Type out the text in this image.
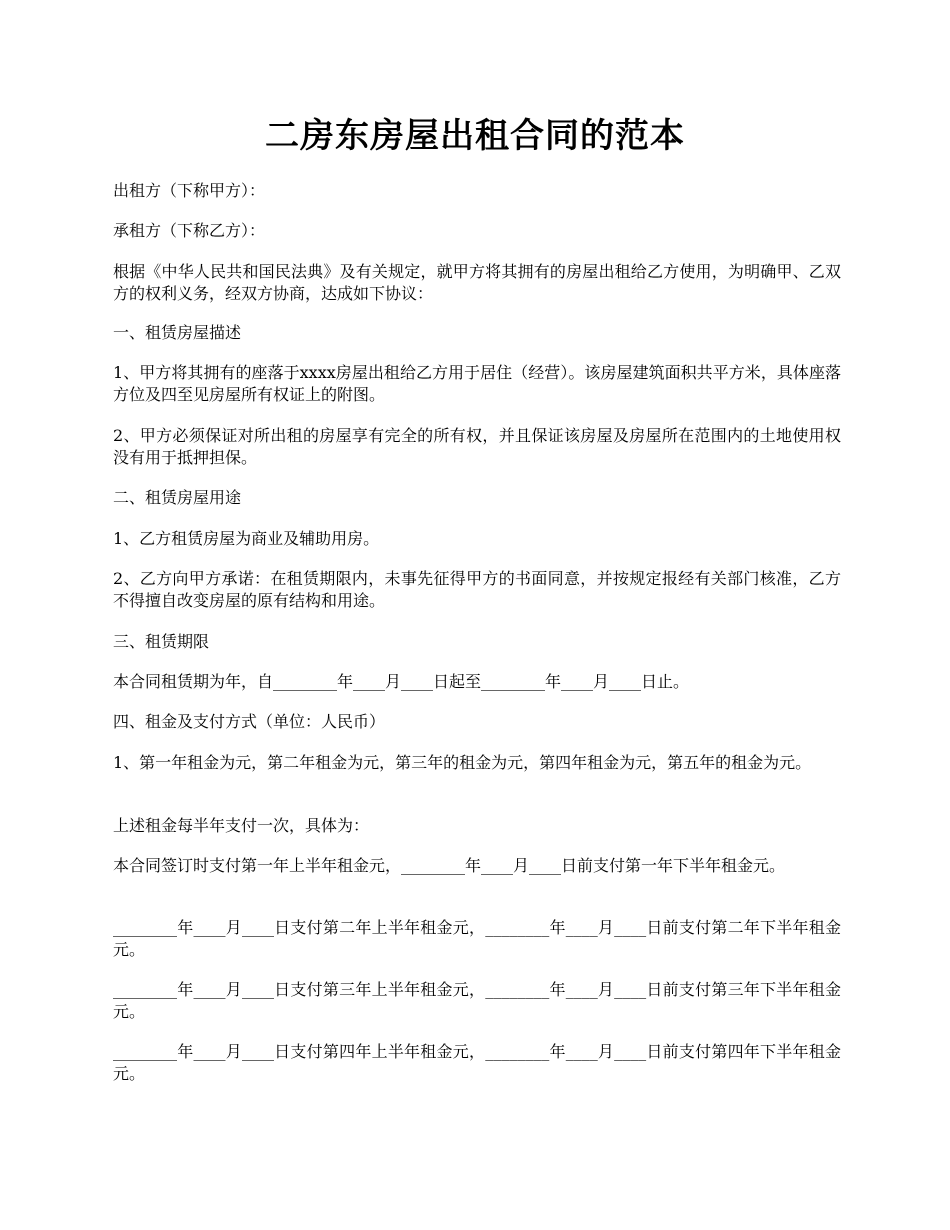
二房东房屋出租合同的范本
出租方（下称甲方）：
承租方（下称乙方）：
根据《中华人民共和国民法典》及有关规定，就甲方将其拥有的房屋出租给乙方使用，为明确甲、乙双方的权利义务，经双方协商，达成如下协议：
一、租赁房屋描述
1、甲方将其拥有的座落于xxxx房屋出租给乙方用于居住（经营）。该房屋建筑面积共平方米，具体座落方位及四至见房屋所有权证上的附图。
2、甲方必须保证对所出租的房屋享有完全的所有权，并且保证该房屋及房屋所在范围内的土地使用权没有用于抵押担保。
二、租赁房屋用途
1、乙方租赁房屋为商业及辅助用房。
2、乙方向甲方承诺：在租赁期限内，未事先征得甲方的书面同意，并按规定报经有关部门核准，乙方不得擅自改变房屋的原有结构和用途。
三、租赁期限
本合同租赁期为年，自________年____月____日起至________年____月____日止。
四、租金及支付方式（单位：人民币）
1、第一年租金为元，第二年租金为元，第三年的租金为元，第四年租金为元，第五年的租金为元。
上述租金每半年支付一次，具体为：
本合同签订时支付第一年上半年租金元，________年____月____日前支付第一年下半年租金元。
________年____月____日支付第二年上半年租金元，________年____月____日前支付第二年下半年租金元。
________年____月____日支付第三年上半年租金元，________年____月____日前支付第三年下半年租金元。
________年____月____日支付第四年上半年租金元，________年____月____日前支付第四年下半年租金元。
